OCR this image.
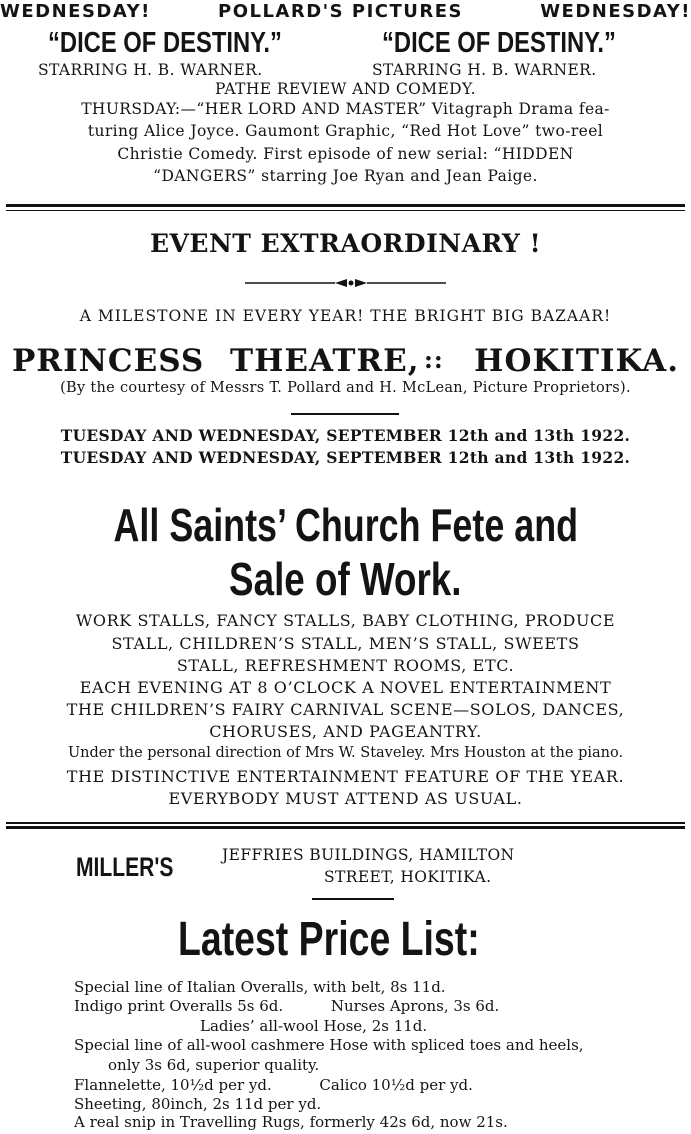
WEDNESDAY!	POLLARD'S PICTURES	WEDNESDAY!
“DICE OF DESTINY.”	“DICE OF DESTINY.”
STARRING H. B. WARNER.	STARRING H. B. WARNER.
PATHE REVIEW AND COMEDY.
THURSDAY:—“HER LORD AND MASTER” Vitagraph Drama fea-
turing Alice Joyce. Gaumont Graphic, “Red Hot Love” two-reel
Christie Comedy. First episode of new serial: “HIDDEN
“DANGERS” starring Joe Ryan and Jean Paige.
EVENT EXTRAORDINARY !
A MILESTONE IN EVERY YEAR! THE BRIGHT BIG BAZAAR!
PRINCESS THEATRE, :: HOKITIKA.
(By the courtesy of Messrs T. Pollard and H. McLean, Picture Proprietors).
TUESDAY AND WEDNESDAY, SEPTEMBER 12th and 13th 1922.
TUESDAY AND WEDNESDAY, SEPTEMBER 12th and 13th 1922.
All Saints’ Church Fete and
Sale of Work.
WORK STALLS, FANCY STALLS, BABY CLOTHING, PRODUCE
STALL, CHILDREN’S STALL, MEN’S STALL, SWEETS
STALL, REFRESHMENT ROOMS, ETC.
EACH EVENING AT 8 O’CLOCK A NOVEL ENTERTAINMENT
THE CHILDREN’S FAIRY CARNIVAL SCENE—SOLOS, DANCES,
CHORUSES, AND PAGEANTRY.
Under the personal direction of Mrs W. Staveley. Mrs Houston at the piano.
THE DISTINCTIVE ENTERTAINMENT FEATURE OF THE YEAR.
EVERYBODY MUST ATTEND AS USUAL.
MILLER'S	JEFFRIES BUILDINGS, HAMILTON
STREET, HOKITIKA.
Latest Price List:
Special line of Italian Overalls, with belt, 8s 11d.
Indigo print Overalls 5s 6d.          Nurses Aprons, 3s 6d.
Ladies’ all-wool Hose, 2s 11d.
Special line of all-wool cashmere Hose with spliced toes and heels,
only 3s 6d, superior quality.
Flannelette, 10½d per yd.          Calico 10½d per yd.
Sheeting, 80inch, 2s 11d per yd.
A real snip in Travelling Rugs, formerly 42s 6d, now 21s.
